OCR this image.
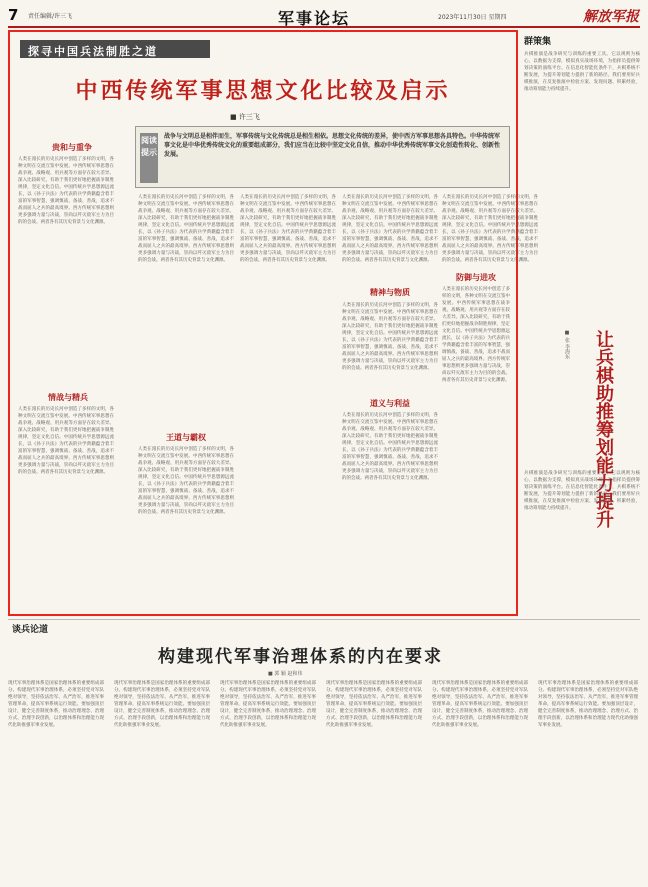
7 责任编辑/许三飞	军事论坛	2023年11月30日 星期四	解放军报
探寻中国兵法制胜之道
中西传统军事思想文化比较及启示
■ 许三飞
阅读提示
战争与文明总是相伴而生，军事传统与文化传统总是相生相依。思想文化传统的差异，使中西方军事思想各具特色。中华传统军事文化是中华优秀传统文化的重要组成部分，我们应当在比较中坚定文化自信，推动中华优秀传统军事文化创造性转化、创新性发展。
贵和与重争
人类在漫长的历史长河中创造了多样的文明，各种文明在交流互鉴中发展。中西传统军事思想在战争观、战略观、用兵观等方面存在较大差异。深入比较研究，有助于我们更好地把握战争制胜规律，坚定文化自信。中国传统兵学思想源远流长，以《孙子兵法》为代表的兵学典籍蕴含着丰富的军事智慧，强调慎战、备战、善战，追求不战而屈人之兵的最高境界。西方传统军事思想则更多强调力量与决战，崇尚以歼灭敌军主力为目的的会战。两者各有其历史背景与文化渊源。
情战与精兵
人类在漫长的历史长河中创造了多样的文明，各种文明在交流互鉴中发展。中西传统军事思想在战争观、战略观、用兵观等方面存在较大差异。深入比较研究，有助于我们更好地把握战争制胜规律，坚定文化自信。中国传统兵学思想源远流长，以《孙子兵法》为代表的兵学典籍蕴含着丰富的军事智慧，强调慎战、备战、善战，追求不战而屈人之兵的最高境界。西方传统军事思想则更多强调力量与决战，崇尚以歼灭敌军主力为目的的会战。两者各有其历史背景与文化渊源。
人类在漫长的历史长河中创造了多样的文明，各种文明在交流互鉴中发展。中西传统军事思想在战争观、战略观、用兵观等方面存在较大差异。深入比较研究，有助于我们更好地把握战争制胜规律，坚定文化自信。中国传统兵学思想源远流长，以《孙子兵法》为代表的兵学典籍蕴含着丰富的军事智慧，强调慎战、备战、善战，追求不战而屈人之兵的最高境界。西方传统军事思想则更多强调力量与决战，崇尚以歼灭敌军主力为目的的会战。两者各有其历史背景与文化渊源。
王道与霸权
人类在漫长的历史长河中创造了多样的文明，各种文明在交流互鉴中发展。中西传统军事思想在战争观、战略观、用兵观等方面存在较大差异。深入比较研究，有助于我们更好地把握战争制胜规律，坚定文化自信。中国传统兵学思想源远流长，以《孙子兵法》为代表的兵学典籍蕴含着丰富的军事智慧，强调慎战、备战、善战，追求不战而屈人之兵的最高境界。西方传统军事思想则更多强调力量与决战，崇尚以歼灭敌军主力为目的的会战。两者各有其历史背景与文化渊源。
人类在漫长的历史长河中创造了多样的文明，各种文明在交流互鉴中发展。中西传统军事思想在战争观、战略观、用兵观等方面存在较大差异。深入比较研究，有助于我们更好地把握战争制胜规律，坚定文化自信。中国传统兵学思想源远流长，以《孙子兵法》为代表的兵学典籍蕴含着丰富的军事智慧，强调慎战、备战、善战，追求不战而屈人之兵的最高境界。西方传统军事思想则更多强调力量与决战，崇尚以歼灭敌军主力为目的的会战。两者各有其历史背景与文化渊源。
人类在漫长的历史长河中创造了多样的文明，各种文明在交流互鉴中发展。中西传统军事思想在战争观、战略观、用兵观等方面存在较大差异。深入比较研究，有助于我们更好地把握战争制胜规律，坚定文化自信。中国传统兵学思想源远流长，以《孙子兵法》为代表的兵学典籍蕴含着丰富的军事智慧，强调慎战、备战、善战，追求不战而屈人之兵的最高境界。西方传统军事思想则更多强调力量与决战，崇尚以歼灭敌军主力为目的的会战。两者各有其历史背景与文化渊源。
精神与物质
人类在漫长的历史长河中创造了多样的文明，各种文明在交流互鉴中发展。中西传统军事思想在战争观、战略观、用兵观等方面存在较大差异。深入比较研究，有助于我们更好地把握战争制胜规律，坚定文化自信。中国传统兵学思想源远流长，以《孙子兵法》为代表的兵学典籍蕴含着丰富的军事智慧，强调慎战、备战、善战，追求不战而屈人之兵的最高境界。西方传统军事思想则更多强调力量与决战，崇尚以歼灭敌军主力为目的的会战。两者各有其历史背景与文化渊源。
道义与利益
人类在漫长的历史长河中创造了多样的文明，各种文明在交流互鉴中发展。中西传统军事思想在战争观、战略观、用兵观等方面存在较大差异。深入比较研究，有助于我们更好地把握战争制胜规律，坚定文化自信。中国传统兵学思想源远流长，以《孙子兵法》为代表的兵学典籍蕴含着丰富的军事智慧，强调慎战、备战、善战，追求不战而屈人之兵的最高境界。西方传统军事思想则更多强调力量与决战，崇尚以歼灭敌军主力为目的的会战。两者各有其历史背景与文化渊源。
人类在漫长的历史长河中创造了多样的文明，各种文明在交流互鉴中发展。中西传统军事思想在战争观、战略观、用兵观等方面存在较大差异。深入比较研究，有助于我们更好地把握战争制胜规律，坚定文化自信。中国传统兵学思想源远流长，以《孙子兵法》为代表的兵学典籍蕴含着丰富的军事智慧，强调慎战、备战、善战，追求不战而屈人之兵的最高境界。西方传统军事思想则更多强调力量与决战，崇尚以歼灭敌军主力为目的的会战。两者各有其历史背景与文化渊源。
防御与进攻
人类在漫长的历史长河中创造了多样的文明，各种文明在交流互鉴中发展。中西传统军事思想在战争观、战略观、用兵观等方面存在较大差异。深入比较研究，有助于我们更好地把握战争制胜规律，坚定文化自信。中国传统兵学思想源远流长，以《孙子兵法》为代表的兵学典籍蕴含着丰富的军事智慧，强调慎战、备战、善战，追求不战而屈人之兵的最高境界。西方传统军事思想则更多强调力量与决战，崇尚以歼灭敌军主力为目的的会战。两者各有其历史背景与文化渊源。
群策集
兵棋推演是战争研究与训练的重要工具。它以规则为核心，以数据为支撑，模拟真实战场环境，为指挥员提供筹划决策的演练平台。在信息化智能化条件下，兵棋系统不断发展，为提升筹划能力提供了新的路径。我们要用好兵棋推演，在反复推演中检验方案、发现问题、积累经验，推动筹划能力持续提升。
让兵棋助推筹划能力提升
■ 张 李海东
兵棋推演是战争研究与训练的重要工具。它以规则为核心，以数据为支撑，模拟真实战场环境，为指挥员提供筹划决策的演练平台。在信息化智能化条件下，兵棋系统不断发展，为提升筹划能力提供了新的路径。我们要用好兵棋推演，在反复推演中检验方案、发现问题、积累经验，推动筹划能力持续提升。
谈兵论道
构建现代军事治理体系的内在要求
■ 郭 颖 赵和伟
现代军事治理体系是国家治理体系的重要组成部分。构建现代军事治理体系，必须坚持党对军队绝对领导，坚持依法治军、从严治军，推进军事管理革命，提高军事系统运行效能。要加强顶层设计，健全完善制度体系，推动治理理念、治理方式、治理手段创新，以治理体系和治理能力现代化助推强军事业发展。
现代军事治理体系是国家治理体系的重要组成部分。构建现代军事治理体系，必须坚持党对军队绝对领导，坚持依法治军、从严治军，推进军事管理革命，提高军事系统运行效能。要加强顶层设计，健全完善制度体系，推动治理理念、治理方式、治理手段创新，以治理体系和治理能力现代化助推强军事业发展。
现代军事治理体系是国家治理体系的重要组成部分。构建现代军事治理体系，必须坚持党对军队绝对领导，坚持依法治军、从严治军，推进军事管理革命，提高军事系统运行效能。要加强顶层设计，健全完善制度体系，推动治理理念、治理方式、治理手段创新，以治理体系和治理能力现代化助推强军事业发展。
现代军事治理体系是国家治理体系的重要组成部分。构建现代军事治理体系，必须坚持党对军队绝对领导，坚持依法治军、从严治军，推进军事管理革命，提高军事系统运行效能。要加强顶层设计，健全完善制度体系，推动治理理念、治理方式、治理手段创新，以治理体系和治理能力现代化助推强军事业发展。
现代军事治理体系是国家治理体系的重要组成部分。构建现代军事治理体系，必须坚持党对军队绝对领导，坚持依法治军、从严治军，推进军事管理革命，提高军事系统运行效能。要加强顶层设计，健全完善制度体系，推动治理理念、治理方式、治理手段创新，以治理体系和治理能力现代化助推强军事业发展。
现代军事治理体系是国家治理体系的重要组成部分。构建现代军事治理体系，必须坚持党对军队绝对领导，坚持依法治军、从严治军，推进军事管理革命，提高军事系统运行效能。要加强顶层设计，健全完善制度体系，推动治理理念、治理方式、治理手段创新，以治理体系和治理能力现代化助推强军事业发展。
